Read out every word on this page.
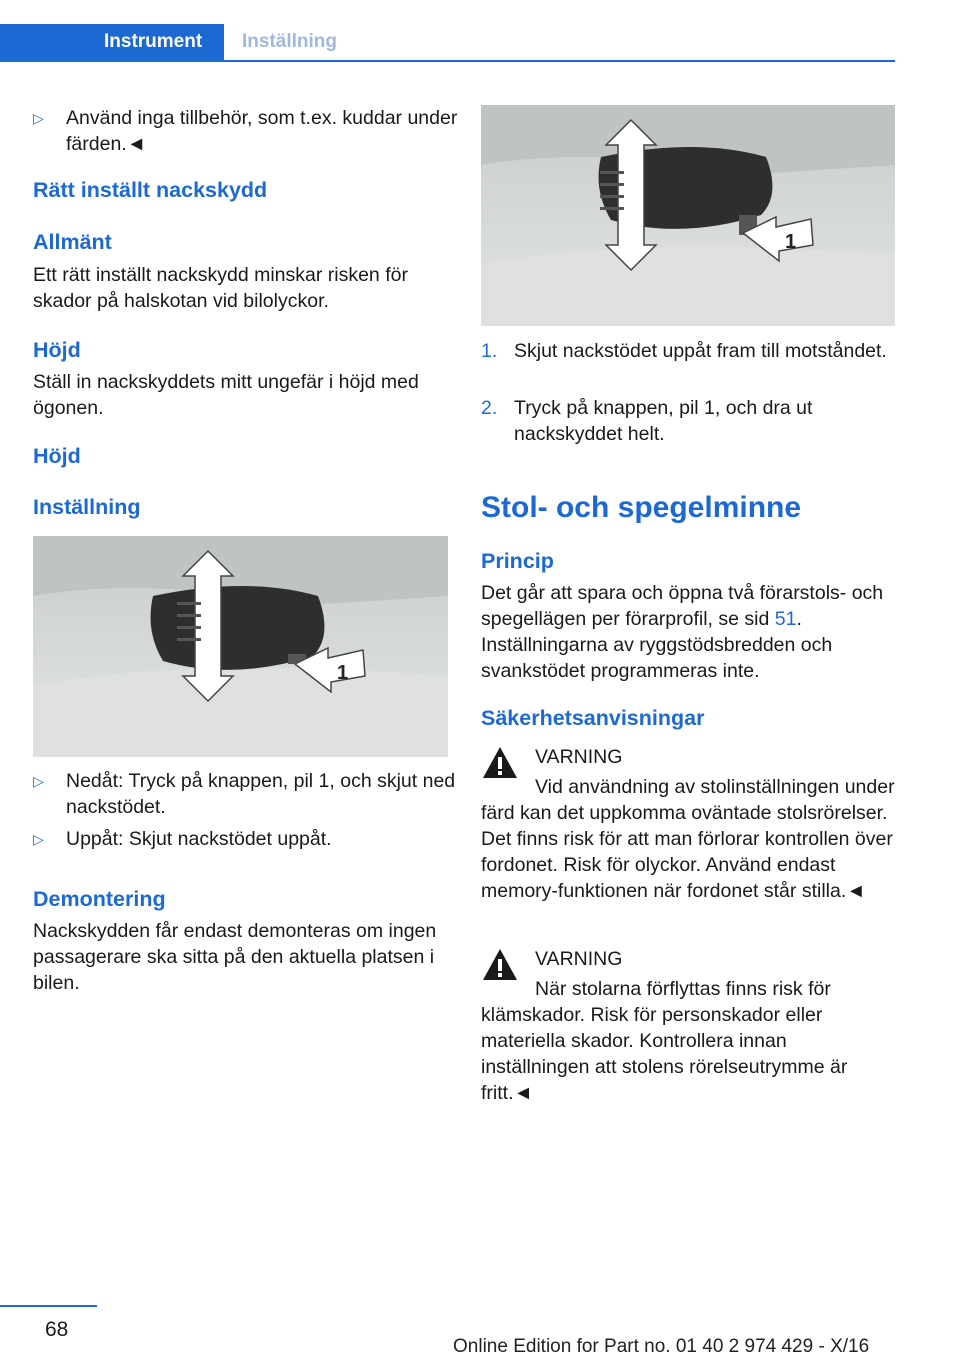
Instrument	Inställning
▷ Använd inga tillbehör, som t.ex. kuddar under färden.◄
Rätt inställt nackskydd
Allmänt
Ett rätt inställt nackskydd minskar risken för skador på halskotan vid bilolyckor.
Höjd
Ställ in nackskyddets mitt ungefär i höjd med ögonen.
Höjd
Inställning
1
▷ Nedåt: Tryck på knappen, pil 1, och skjut ned nackstödet.
▷ Uppåt: Skjut nackstödet uppåt.
Demontering
Nackskydden får endast demonteras om ingen passagerare ska sitta på den aktuella platsen i bilen.
1
1. Skjut nackstödet uppåt fram till motståndet.
2. Tryck på knappen, pil 1, och dra ut nackskyddet helt.
Stol- och spegelminne
Princip
Det går att spara och öppna två förarstols- och spegellägen per förarprofil, se sid 51. Inställningarna av ryggstödsbredden och svankstödet programmeras inte.
Säkerhetsanvisningar
VARNING
Vid användning av stolinställningen under färd kan det uppkomma oväntade stolsrörelser. Det finns risk för att man förlorar kontrollen över fordonet. Risk för olyckor. Använd endast memory-funktionen när fordonet står stilla.◄
VARNING
När stolarna förflyttas finns risk för klämskador. Risk för personskador eller materiella skador. Kontrollera innan inställningen att stolens rörelseutrymme är fritt.◄
68
Online Edition for Part no. 01 40 2 974 429 - X/16
